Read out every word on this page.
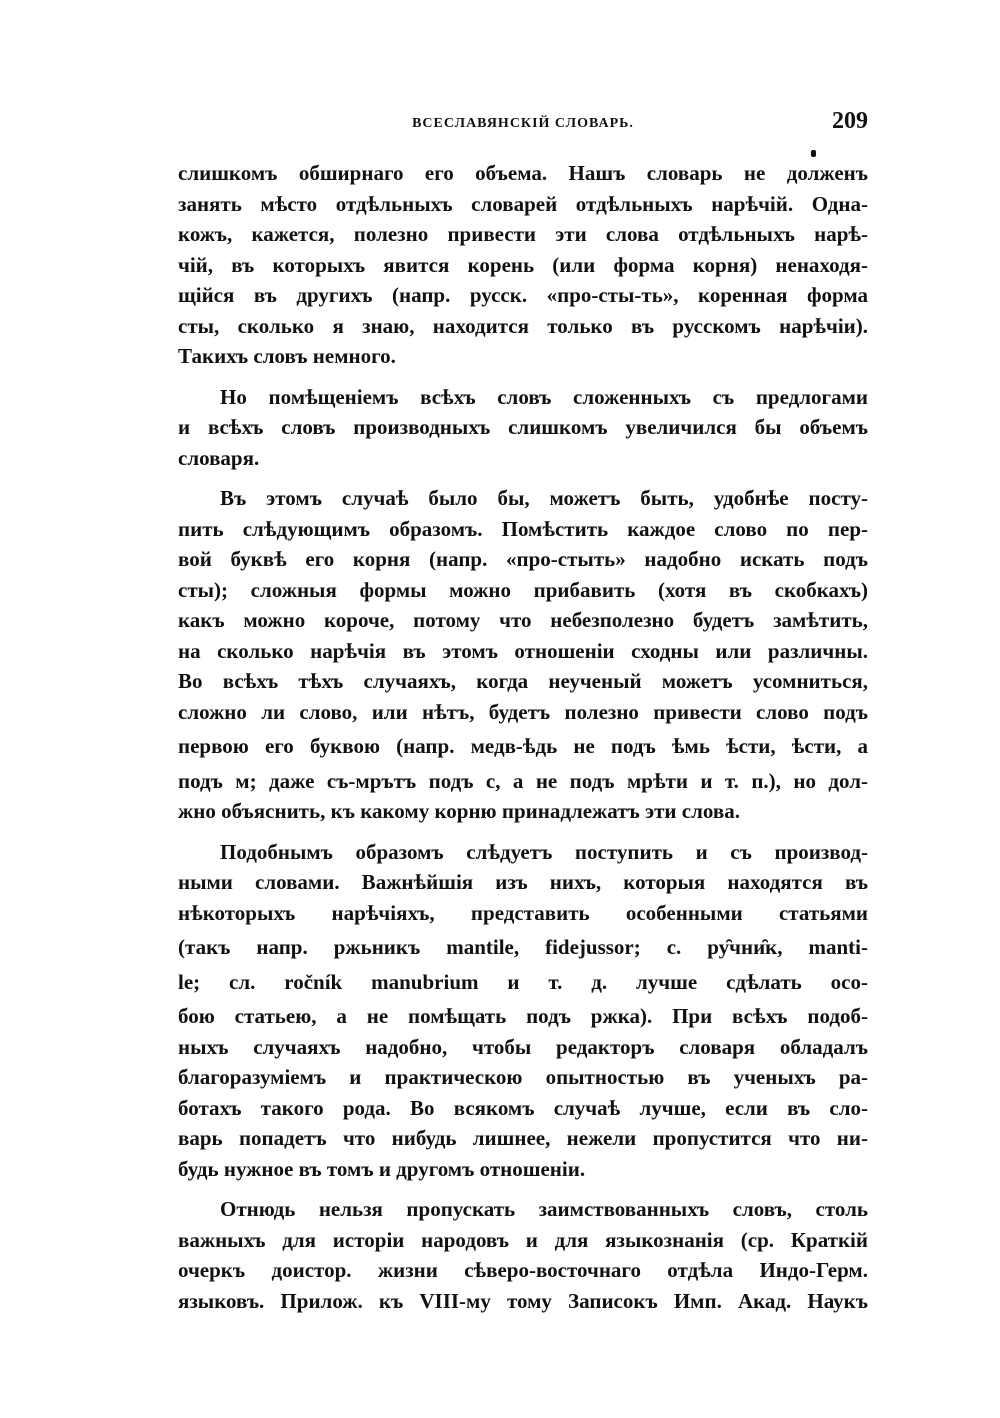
ВСЕСЛАВЯНСКІЙ СЛОВАРЬ.	209
слишкомъ обширнаго его объема. Нашъ словарь не долженъ
занять мѣсто отдѣльныхъ словарей отдѣльныхъ нарѣчій. Одна-
кожъ, кажется, полезно привести эти слова отдѣльныхъ нарѣ-
чій, въ которыхъ явится корень (или форма корня) ненаходя-
щійся въ другихъ (напр. русск. «про-сты-ть», коренная форма
сты, сколько я знаю, находится только въ русскомъ нарѣчіи).
Такихъ словъ немного.
Но помѣщеніемъ всѣхъ словъ сложенныхъ съ предлогами
и всѣхъ словъ производныхъ слишкомъ увеличился бы объемъ
словаря.
Въ этомъ случаѣ было бы, можетъ быть, удобнѣе посту-
пить слѣдующимъ образомъ. Помѣстить каждое слово по пер-
вой буквѣ его корня (напр. «про-стыть» надобно искать подъ
сты); сложныя формы можно прибавить (хотя въ скобкахъ)
какъ можно короче, потому что небезполезно будетъ замѣтить,
на сколько нарѣчія въ этомъ отношеніи сходны или различны.
Во всѣхъ тѣхъ случаяхъ, когда неученый можетъ усомниться,
сложно ли слово, или нѣтъ, будетъ полезно привести слово подъ
первою его буквою (напр. медв-ѣдь не подъ ѣмь ѣсти, ѣсти, а
подъ м; даже съ-мрътъ подъ с, а не подъ мрѣти и т. п.), но дол-
жно объяснить, къ какому корню принадлежатъ эти слова.
Подобнымъ образомъ слѣдуетъ поступить и съ производ-
ными словами. Важнѣйшія изъ нихъ, которыя находятся въ
нѣкоторыхъ нарѣчіяхъ, представить особенными статьями
(такъ напр. ржьникъ mantile, fidejussor; с. ру̑чни̑к, manti-
le; сл. ročník manubrium и т. д. лучше сдѣлать осо-
бою статьею, а не помѣщать подъ ржка). При всѣхъ подоб-
ныхъ случаяхъ надобно, чтобы редакторъ словаря обладалъ
благоразуміемъ и практическою опытностью въ ученыхъ ра-
ботахъ такого рода. Во всякомъ случаѣ лучше, если въ сло-
варь попадетъ что нибудь лишнее, нежели пропустится что ни-
будь нужное въ томъ и другомъ отношеніи.
Отнюдь нельзя пропускать заимствованныхъ словъ, столь
важныхъ для исторіи народовъ и для языкознанія (ср. Краткій
очеркъ доистор. жизни сѣверо-восточнаго отдѣла Индо-Герм.
языковъ. Прилож. къ VIII-му тому Записокъ Имп. Акад. Наукъ
